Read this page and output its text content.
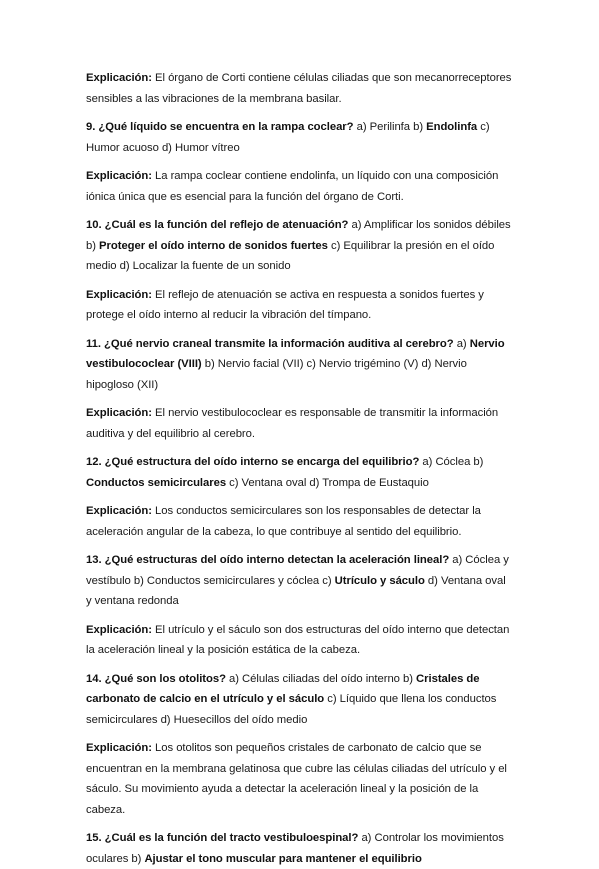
Explicación: El órgano de Corti contiene células ciliadas que son mecanorreceptores sensibles a las vibraciones de la membrana basilar.

9. ¿Qué líquido se encuentra en la rampa coclear? a) Perilinfa b) Endolinfa c) Humor acuoso d) Humor vítreo

Explicación: La rampa coclear contiene endolinfa, un líquido con una composición iónica única que es esencial para la función del órgano de Corti.

10. ¿Cuál es la función del reflejo de atenuación? a) Amplificar los sonidos débiles b) Proteger el oído interno de sonidos fuertes c) Equilibrar la presión en el oído medio d) Localizar la fuente de un sonido

Explicación: El reflejo de atenuación se activa en respuesta a sonidos fuertes y protege el oído interno al reducir la vibración del tímpano.

11. ¿Qué nervio craneal transmite la información auditiva al cerebro? a) Nervio vestibulococlear (VIII) b) Nervio facial (VII) c) Nervio trigémino (V) d) Nervio hipogloso (XII)

Explicación: El nervio vestibulococlear es responsable de transmitir la información auditiva y del equilibrio al cerebro.

12. ¿Qué estructura del oído interno se encarga del equilibrio? a) Cóclea b) Conductos semicirculares c) Ventana oval d) Trompa de Eustaquio

Explicación: Los conductos semicirculares son los responsables de detectar la aceleración angular de la cabeza, lo que contribuye al sentido del equilibrio.

13. ¿Qué estructuras del oído interno detectan la aceleración lineal? a) Cóclea y vestíbulo b) Conductos semicirculares y cóclea c) Utrículo y sáculo d) Ventana oval y ventana redonda

Explicación: El utrículo y el sáculo son dos estructuras del oído interno que detectan la aceleración lineal y la posición estática de la cabeza.

14. ¿Qué son los otolitos? a) Células ciliadas del oído interno b) Cristales de carbonato de calcio en el utrículo y el sáculo c) Líquido que llena los conductos semicirculares d) Huesecillos del oído medio

Explicación: Los otolitos son pequeños cristales de carbonato de calcio que se encuentran en la membrana gelatinosa que cubre las células ciliadas del utrículo y el sáculo. Su movimiento ayuda a detectar la aceleración lineal y la posición de la cabeza.

15. ¿Cuál es la función del tracto vestibuloespinal? a) Controlar los movimientos oculares b) Ajustar el tono muscular para mantener el equilibrio
